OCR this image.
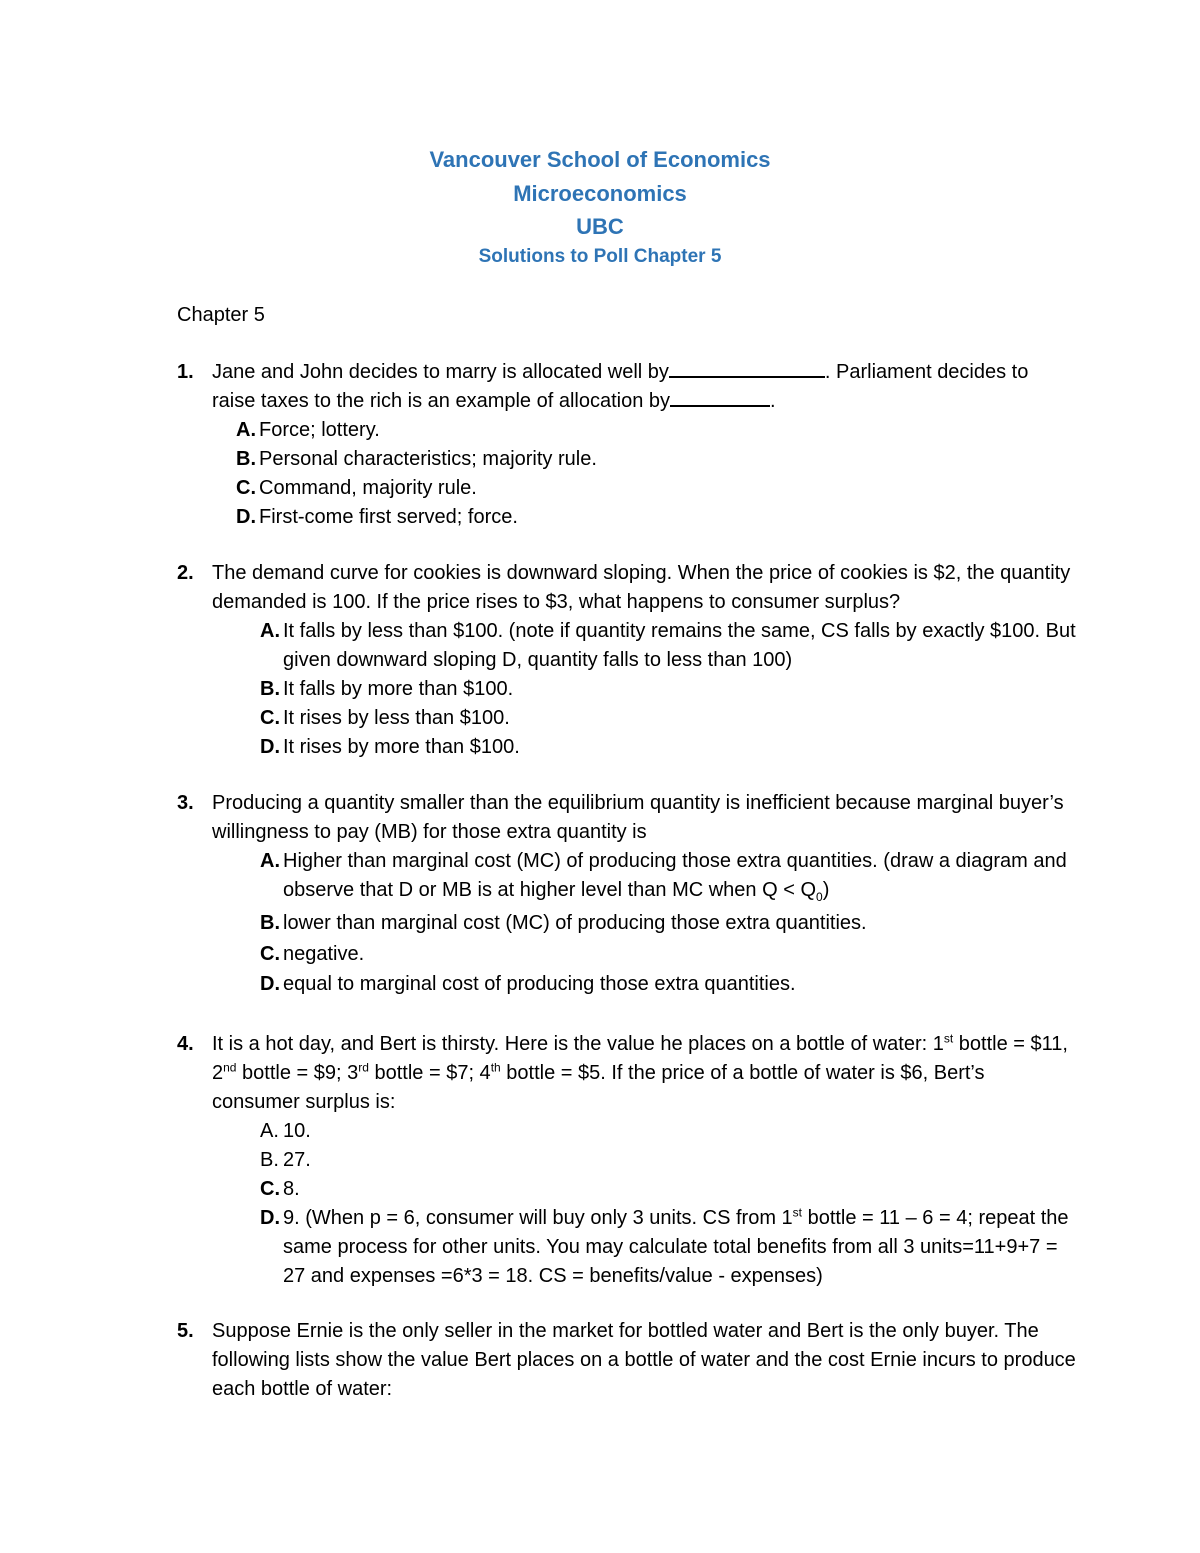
Vancouver School of Economics
Microeconomics
UBC
Solutions to Poll Chapter 5
Chapter 5
1. Jane and John decides to marry is allocated well by	. Parliament decides to raise taxes to the rich is an example of allocation by	.
A. Force; lottery.
B. Personal characteristics; majority rule.
C. Command, majority rule.
D. First-come first served; force.
2. The demand curve for cookies is downward sloping. When the price of cookies is $2, the quantity demanded is 100. If the price rises to $3, what happens to consumer surplus?
A. It falls by less than $100. (note if quantity remains the same, CS falls by exactly $100. But given downward sloping D, quantity falls to less than 100)
B. It falls by more than $100.
C. It rises by less than $100.
D. It rises by more than $100.
3. Producing a quantity smaller than the equilibrium quantity is inefficient because marginal buyer’s willingness to pay (MB) for those extra quantity is
A. Higher than marginal cost (MC) of producing those extra quantities. (draw a diagram and observe that D or MB is at higher level than MC when $Q < Q_0$)
B. lower than marginal cost (MC) of producing those extra quantities.
C. negative.
D. equal to marginal cost of producing those extra quantities.
4. It is a hot day, and Bert is thirsty. Here is the value he places on a bottle of water: 1st bottle = $11, 2nd bottle = $9; 3rd bottle = $7; 4th bottle = $5. If the price of a bottle of water is $6, Bert’s consumer surplus is:
A. 10.
B. 27.
C. 8.
D. 9. (When p = 6, consumer will buy only 3 units. CS from 1st bottle = 11 – 6 = 4; repeat the same process for other units. You may calculate total benefits from all 3 units=11+9+7 = 27 and expenses =6*3 = 18. CS = benefits/value - expenses)
5. Suppose Ernie is the only seller in the market for bottled water and Bert is the only buyer. The following lists show the value Bert places on a bottle of water and the cost Ernie incurs to produce each bottle of water:
